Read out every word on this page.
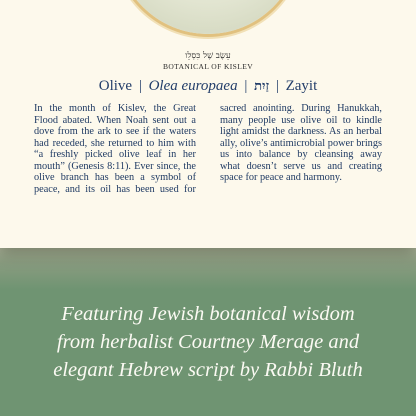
עֵשֶׂב שֶׁל כִּסְלֵו
BOTANICAL OF KISLEV
Olive | Olea europaea | זַיִת | Zayit
In the month of Kislev, the Great Flood abated. When Noah sent out a dove from the ark to see if the waters had receded, she returned to him with “a freshly picked olive leaf in her mouth” (Genesis 8:11). Ever since, the olive branch has been a symbol of peace, and its oil has been used for sacred anointing. During Hanukkah, many people use olive oil to kindle light amidst the darkness. As an herbal ally, olive’s antimicrobial power brings us into balance by cleansing away what doesn’t serve us and creating space for peace and harmony.
Featuring Jewish botanical wisdom
from herbalist Courtney Merage and
elegant Hebrew script by Rabbi Bluth
